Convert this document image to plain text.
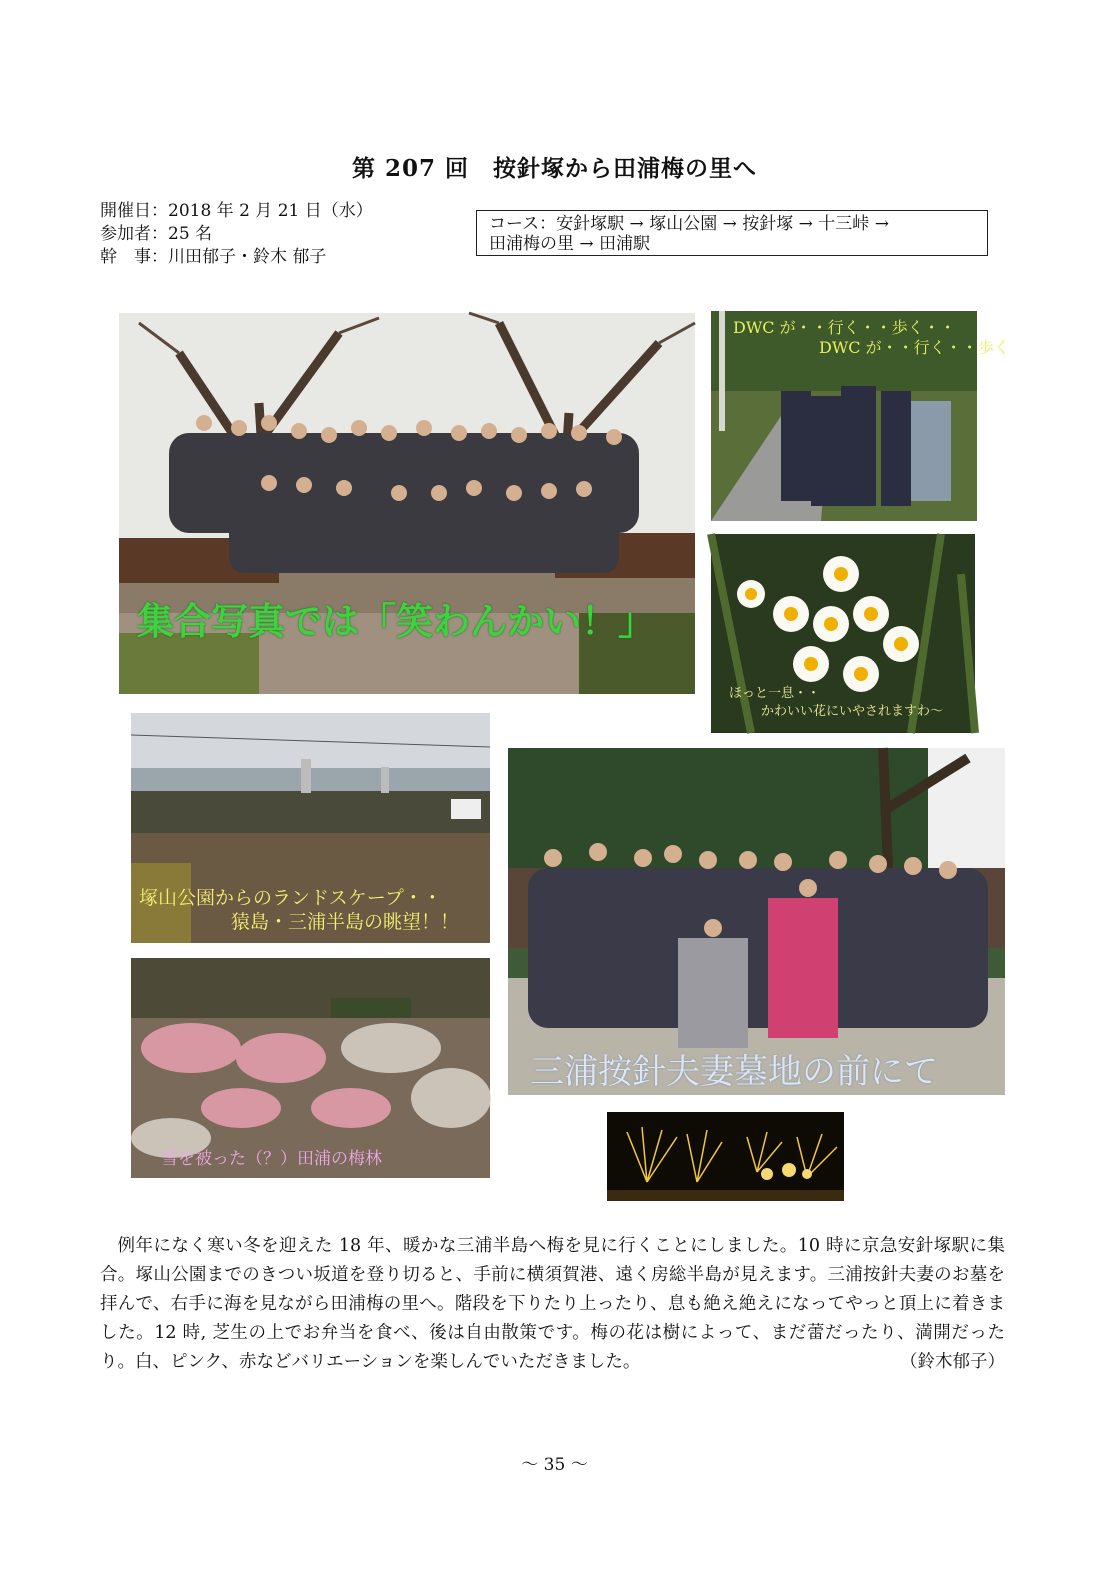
第 207 回　按針塚から田浦梅の里へ
開催日：2018 年 2 月 21 日（水）
参加者：25 名
幹　事：川田郁子・鈴木 郁子
コース：安針塚駅 → 塚山公園 → 按針塚 → 十三峠 →
田浦梅の里 → 田浦駅
集合写真では「笑わんかい！」
DWC が・・行く・・歩く・・
DWC が・・行く・・歩く
ほっと一息・・
かわいい花にいやされますわ～
塚山公園からのランドスケープ・・
猿島・三浦半島の眺望！！
雪を被った（？）田浦の梅林
三浦按針夫妻墓地の前にて

例年になく寒い冬を迎えた 18 年、暖かな三浦半島へ梅を見に行くことにしました。10 時に京急安針塚駅に集合。塚山公園までのきつい坂道を登り切ると、手前に横須賀港、遠く房総半島が見えます。三浦按針夫妻のお墓を拝んで、右手に海を見ながら田浦梅の里へ。階段を下りたり上ったり、息も絶え絶えになってやっと頂上に着きました。12 時, 芝生の上でお弁当を食べ、後は自由散策です。梅の花は樹によって、まだ蕾だったり、満開だったり。白、ピンク、赤などバリエーションを楽しんでいただきました。	（鈴木郁子）

～ 35 ～
